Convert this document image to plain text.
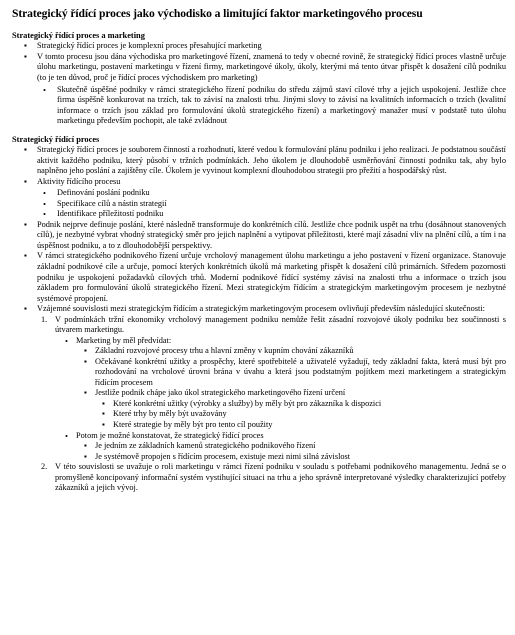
Strategický řídící proces jako východisko a limitující faktor marketingového procesu
Strategický řídící proces a marketing
▪ Strategický řídící proces je komplexní proces přesahující marketing
▪ V tomto procesu jsou dána východiska pro marketingové řízení, znamená to tedy v obecné rovině, že strategický řídící proces vlastně určuje úlohu marketingu, postavení marketingu v řízení firmy, marketingové úkoly, úkoly, kterými má tento útvar přispět k dosažení cílů podniku (to je ten důvod, proč je řídící proces východiskem pro marketing)
• Skutečně úspěšné podniky v rámci strategického řízení podniku do středu zájmů staví cílové trhy a jejich uspokojení. Jestliže chce firma úspěšně konkurovat na trzích, tak to závisí na znalosti trhu. Jinými slovy to závisí na kvalitních informacích o trzích (kvalitní informace o trzích jsou základ pro formulování úkolů strategického řízení) a marketingový manažer musí v podstatě tuto úlohu marketingu především pochopit, ale také zvládnout
Strategický řídící proces
▪ Strategický řídící proces je souborem činností a rozhodnutí, které vedou k formulování plánu podniku i jeho realizaci. Je podstatnou součástí aktivit každého podniku, který působí v tržních podmínkách. Jeho úkolem je dlouhodobě usměrňování činnosti podniku tak, aby bylo naplněno jeho poslání a zajištěny cíle. Úkolem je vyvinout komplexní dlouhodobou strategii pro přežití a hospodářský růst.
▪ Aktivity řídícího procesu
• Definování poslání podniku
• Specifikace cílů a nástin strategií
• Identifikace příležitostí podniku
▪ Podnik nejprve definuje poslání, které následně transformuje do konkrétních cílů. Jestliže chce podnik uspět na trhu (dosáhnout stanovených cílů), je nezbytné vybrat vhodný strategický směr pro jejich naplnění a vytipovat příležitosti, které mají zásadní vliv na plnění cílů, a tím i na úspěšnost podniku, a to z dlouhodobější perspektivy.
▪ V rámci strategického podnikového řízení určuje vrcholový management úlohu marketingu a jeho postavení v řízení organizace. Stanovuje základní podnikové cíle a určuje, pomocí kterých konkrétních úkolů má marketing přispět k dosažení cílů primárních. Středem pozornosti podniku je uspokojení požadavků cílových trhů. Moderní podnikové řídící systémy závisí na znalosti trhu a informace o trzích jsou základem pro formulování úkolů strategického řízení. Mezi strategickým řídícím a strategickým marketingovým procesem je nezbytné systémové propojení.
▪ Vzájemné souvislosti mezi strategickým řídícím a strategickým marketingovým procesem ovlivňují především následující skutečnosti:
1. V podmínkách tržní ekonomiky vrcholový management podniku nemůže řešit zásadní rozvojové úkoly podniku bez součinnosti s útvarem marketingu.
• Marketing by měl předvídat:
▪ Základní rozvojové procesy trhu a hlavní změny v kupním chování zákazníků
▪ Očekávané konkrétní užitky a prospěchy, které spotřebitelé a uživatelé vyžadují, tedy základní fakta, která musí být pro rozhodování na vrcholové úrovni brána v úvahu a která jsou podstatným pojítkem mezi marketingem a strategickým řídícím procesem
▪ Jestliže podnik chápe jako úkol strategického marketingového řízení určení
▪ Které konkrétní užitky (výrobky a služby) by měly být pro zákazníka k dispozici
▪ Které trhy by měly být uvažovány
▪ Které strategie by měly být pro tento cíl použity
• Potom je možné konstatovat, že strategický řídící proces
▪ Je jedním ze základních kamenů strategického podnikového řízení
▪ Je systémově propojen s řídícím procesem, existuje mezi nimi silná závislost
2. V této souvislosti se uvažuje o roli marketingu v rámci řízení podniku v souladu s potřebami podnikového managementu. Jedná se o promyšleně koncipovaný informační systém vystihující situaci na trhu a jeho správně interpretované výsledky charakterizující potřeby zákazníků a jejich vývoj.
